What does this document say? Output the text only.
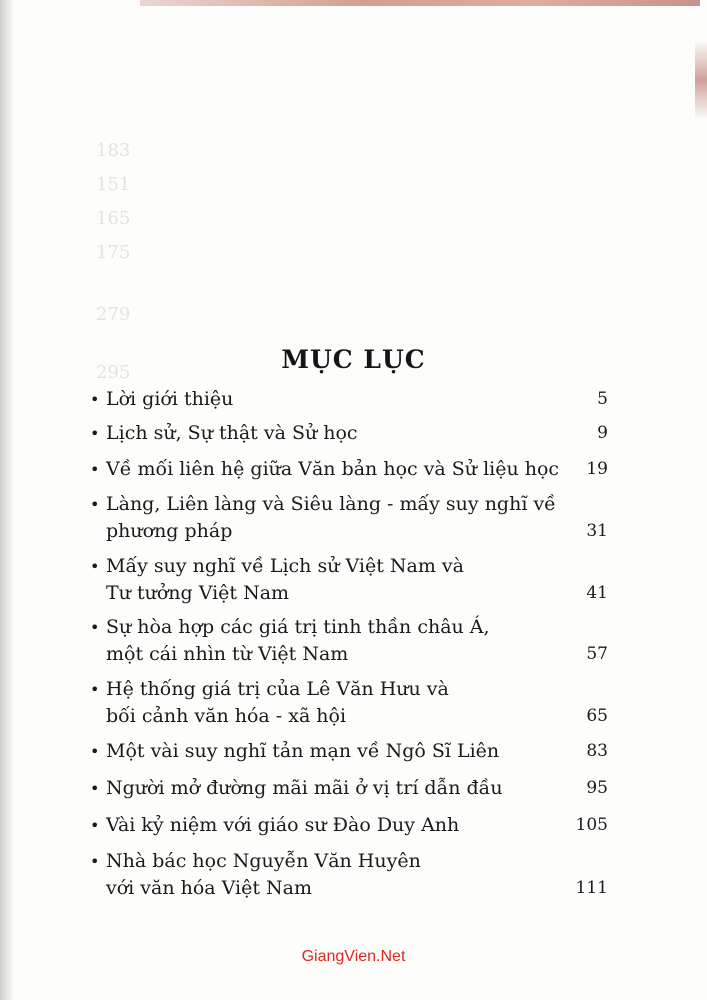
183
151
165
175
279
295	MỤC LỤC
• Lời giới thiệu	5
• Lịch sử, Sự thật và Sử học	9
• Về mối liên hệ giữa Văn bản học và Sử liệu học	19
• Làng, Liên làng và Siêu làng - mấy suy nghĩ về
phương pháp	31
• Mấy suy nghĩ về Lịch sử Việt Nam và
Tư tưởng Việt Nam	41
• Sự hòa hợp các giá trị tinh thần châu Á,
một cái nhìn từ Việt Nam	57
• Hệ thống giá trị của Lê Văn Hưu và
bối cảnh văn hóa - xã hội	65
• Một vài suy nghĩ tản mạn về Ngô Sĩ Liên	83
• Người mở đường mãi mãi ở vị trí dẫn đầu	95
• Vài kỷ niệm với giáo sư Đào Duy Anh	105
• Nhà bác học Nguyễn Văn Huyên
với văn hóa Việt Nam	111
GiangVien.Net
